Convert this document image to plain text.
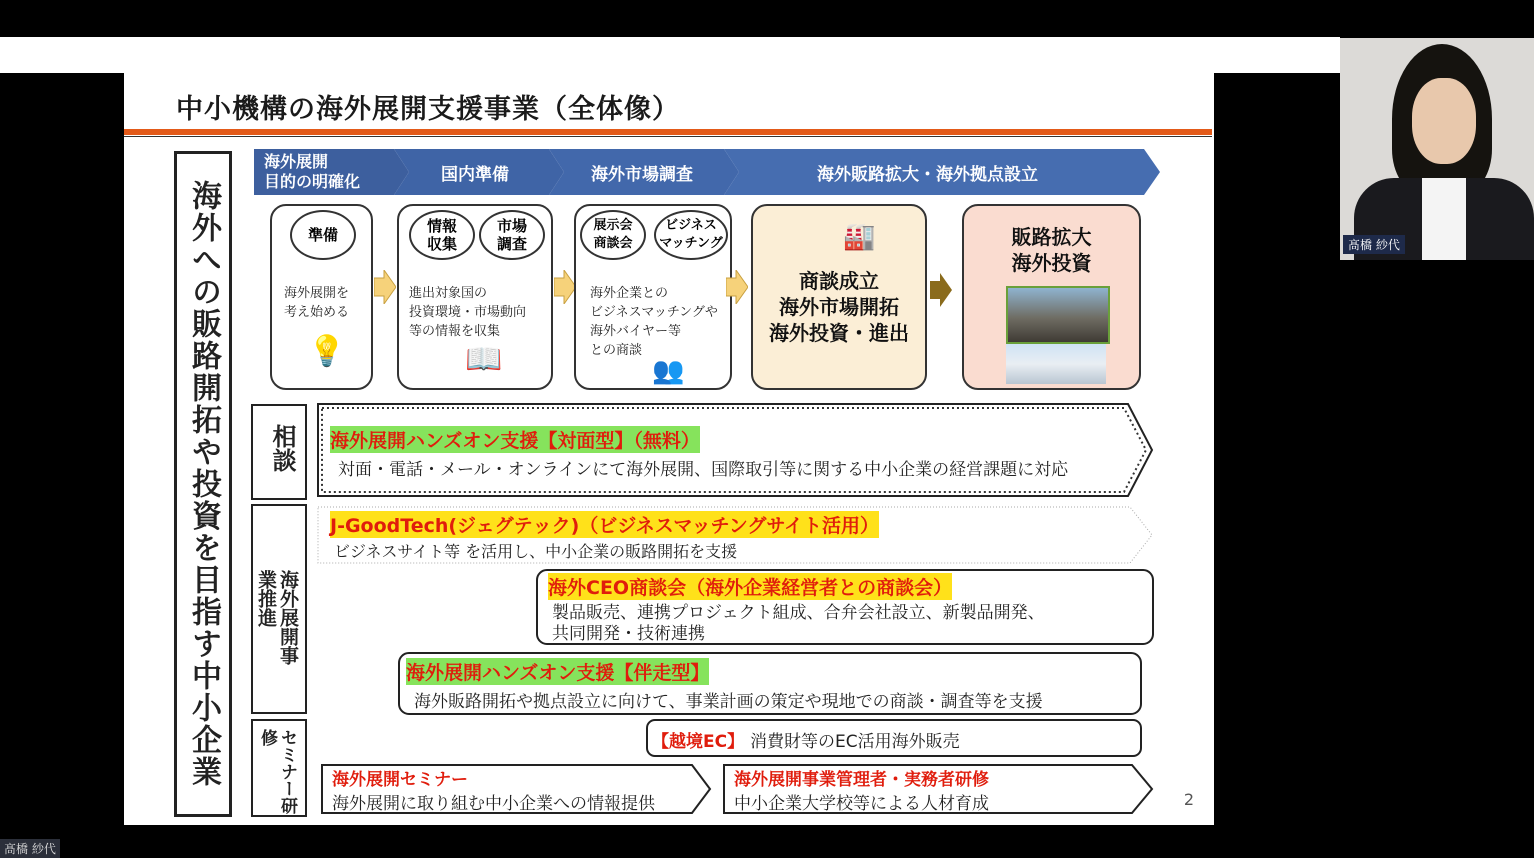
中小機構の海外展開支援事業（全体像）
海外への販路開拓や投資を目指す中小企業
海外展開
目的の明確化	国内準備	海外市場調査	海外販路拡大・海外拠点設立
準備
海外展開を
考え始める
💡
情報
収集
市場
調査
進出対象国の
投資環境・市場動向
等の情報を収集
📖
展示会
商談会
ビジネス
マッチング
海外企業との
ビジネスマッチングや
海外バイヤー等
との商談
👥
🏭
商談成立
海外市場開拓
海外投資・進出
販路拡大
海外投資
相談
海外展開事業推進
セミナー研修
海外展開ハンズオン支援【対面型】（無料）
対面・電話・メール・オンラインにて海外展開、国際取引等に関する中小企業の経営課題に対応
J-GoodTech(ジェグテック)（ビジネスマッチングサイト活用）
ビジネスサイト等 を活用し、中小企業の販路開拓を支援
海外CEO商談会（海外企業経営者との商談会）
製品販売、連携プロジェクト組成、合弁会社設立、新製品開発、
共同開発・技術連携
海外展開ハンズオン支援【伴走型】
海外販路開拓や拠点設立に向けて、事業計画の策定や現地での商談・調査等を支援
【越境EC】 消費財等のEC活用海外販売
海外展開セミナー
海外展開に取り組む中小企業への情報提供
海外展開事業管理者・実務者研修
中小企業大学校等による人材育成	2
髙橋 紗代
髙橋 紗代
